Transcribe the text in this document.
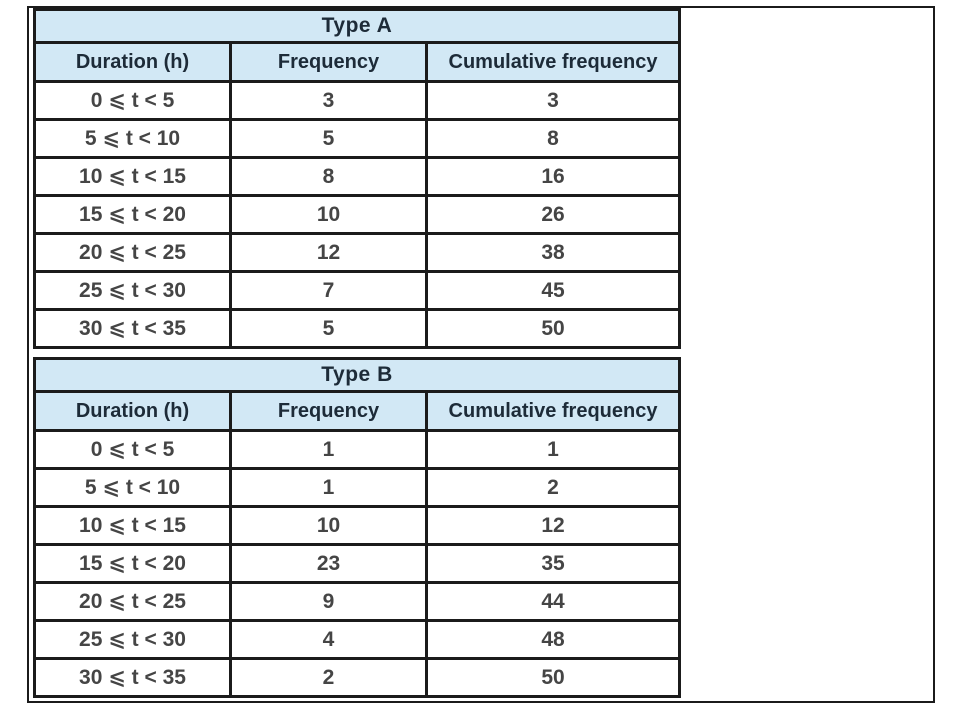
Type A		
Duration (h)	Frequency	Cumulative frequency
0 ⩽ t < 5	3	3
5 ⩽ t < 10	5	8
10 ⩽ t < 15	8	16
15 ⩽ t < 20	10	26
20 ⩽ t < 25	12	38
25 ⩽ t < 30	7	45
30 ⩽ t < 35	5	50
Type B		
Duration (h)	Frequency	Cumulative frequency
0 ⩽ t < 5	1	1
5 ⩽ t < 10	1	2
10 ⩽ t < 15	10	12
15 ⩽ t < 20	23	35
20 ⩽ t < 25	9	44
25 ⩽ t < 30	4	48
30 ⩽ t < 35	2	50
